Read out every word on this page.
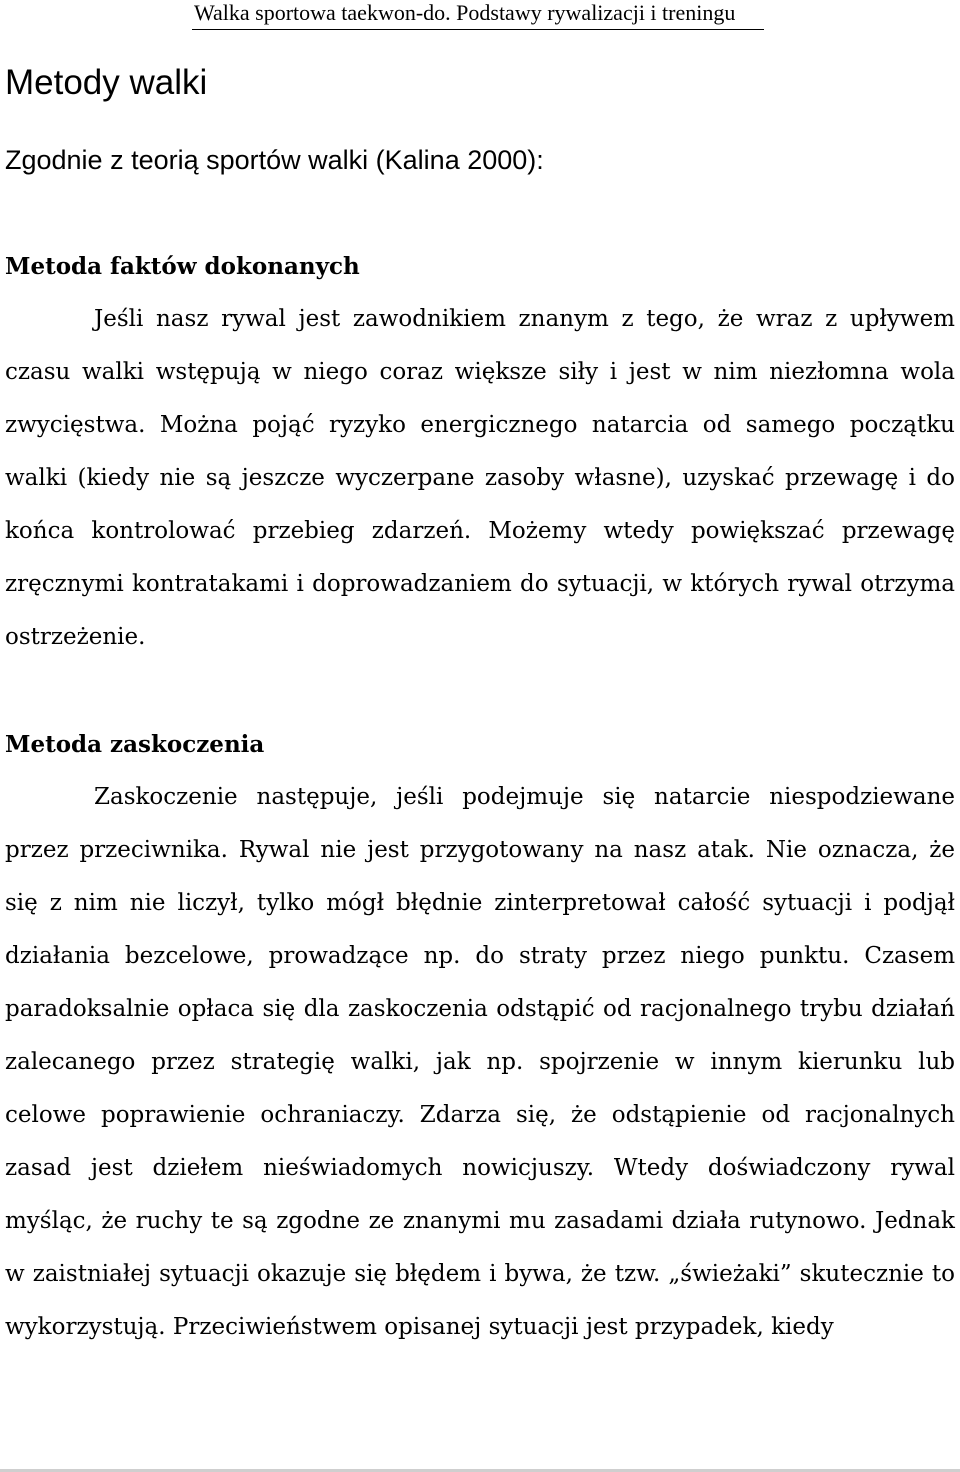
Walka sportowa taekwon-do. Podstawy rywalizacji i treningu
Metody walki

Zgodnie z teorią sportów walki (Kalina 2000):

Metoda faktów dokonanych

Jeśli nasz rywal jest zawodnikiem znanym z tego, że wraz z upływem czasu walki wstępują w niego coraz większe siły i jest w nim niezłomna wola zwycięstwa. Można pojąć ryzyko energicznego natarcia od samego początku walki (kiedy nie są jeszcze wyczerpane zasoby własne), uzyskać przewagę i do końca kontrolować przebieg zdarzeń. Możemy wtedy powiększać przewagę zręcznymi kontratakami i doprowadzaniem do sytuacji, w których rywal otrzyma ostrzeżenie.

Metoda zaskoczenia

Zaskoczenie następuje, jeśli podejmuje się natarcie niespodziewane przez przeciwnika. Rywal nie jest przygotowany na nasz atak. Nie oznacza, że się z nim nie liczył, tylko mógł błędnie zinterpretował całość sytuacji i podjął działania bezcelowe, prowadzące np. do straty przez niego punktu. Czasem paradoksalnie opłaca się dla zaskoczenia odstąpić od racjonalnego trybu działań zalecanego przez strategię walki, jak np. spojrzenie w innym kierunku lub celowe poprawienie ochraniaczy. Zdarza się, że odstąpienie od racjonalnych zasad jest dziełem nieświadomych nowicjuszy. Wtedy doświadczony rywal myśląc, że ruchy te są zgodne ze znanymi mu zasadami działa rutynowo. Jednak w zaistniałej sytuacji okazuje się błędem i bywa, że tzw. „świeżaki” skutecznie to wykorzystują. Przeciwieństwem opisanej sytuacji jest przypadek, kiedy
